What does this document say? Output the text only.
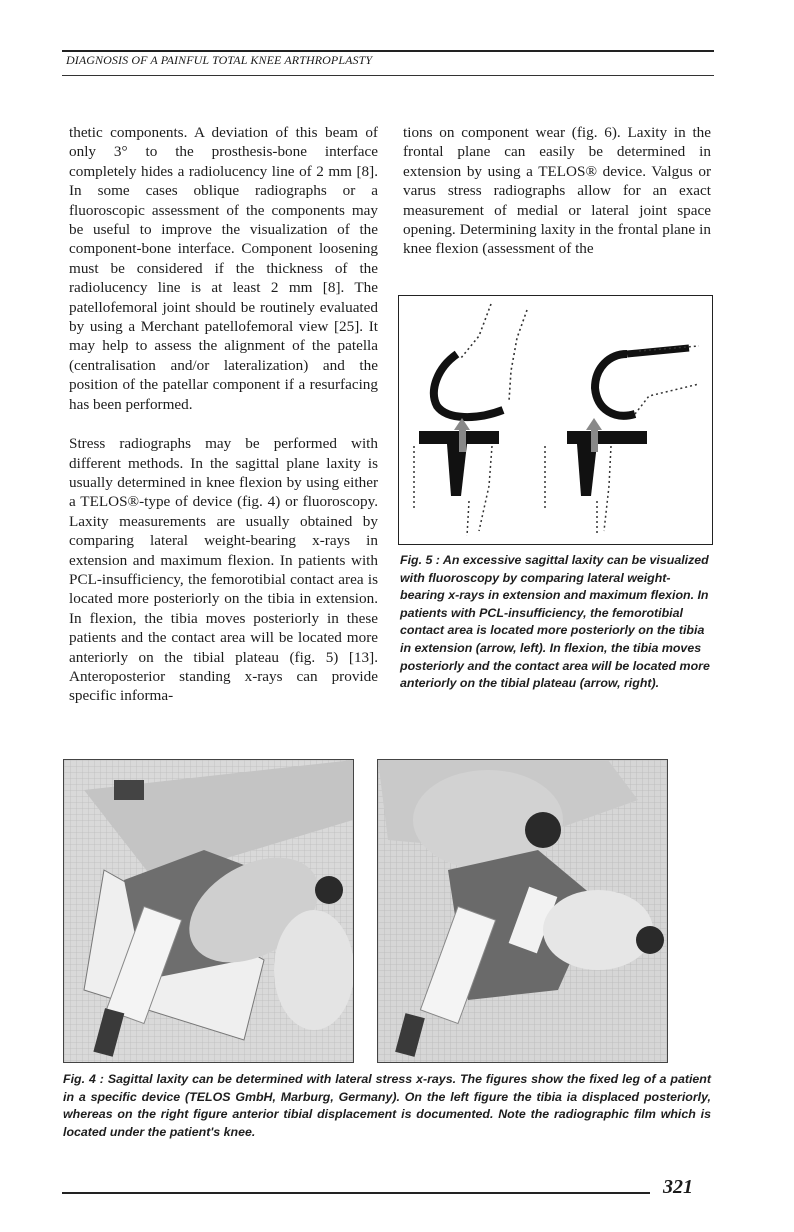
DIAGNOSIS OF A PAINFUL TOTAL KNEE ARTHROPLASTY

thetic components. A deviation of this beam of only 3° to the prosthesis-bone interface completely hides a radiolucency line of 2 mm [8]. In some cases oblique radiographs or a fluoroscopic assessment of the components may be useful to improve the visualization of the component-bone interface. Component loosening must be considered if the thickness of the radiolucency line is at least 2 mm [8]. The patellofemoral joint should be routinely evaluated by using a Merchant patellofemoral view [25]. It may help to assess the alignment of the patella (centralisation and/or lateralization) and the position of the patellar component if a resurfacing has been performed.

Stress radiographs may be performed with different methods. In the sagittal plane laxity is usually determined in knee flexion by using either a TELOS®-type of device (fig. 4) or fluoroscopy. Laxity measurements are usually obtained by comparing lateral weight-bearing x-rays in extension and maximum flexion. In patients with PCL-insufficiency, the femorotibial contact area is located more posteriorly on the tibia in extension. In flexion, the tibia moves posteriorly in these patients and the contact area will be located more anteriorly on the tibial plateau (fig. 5) [13]. Anteroposterior standing x-rays can provide specific informa-

tions on component wear (fig. 6). Laxity in the frontal plane can easily be determined in extension by using a TELOS® device. Valgus or varus stress radiographs allow for an exact measurement of medial or lateral joint space opening. Determining laxity in the frontal plane in knee flexion (assessment of the

Fig. 5 : An excessive sagittal laxity can be visualized with fluoroscopy by comparing lateral weight-bearing x-rays in extension and maximum flexion. In patients with PCL-insufficiency, the femorotibial contact area is located more posteriorly on the tibia in extension (arrow, left). In flexion, the tibia moves posteriorly and the contact area will be located more anteriorly on the tibial plateau (arrow, right).
Fig. 4 : Sagittal laxity can be determined with lateral stress x-rays. The figures show the fixed leg of a patient in a specific device (TELOS GmbH, Marburg, Germany). On the left figure the tibia ia displaced posteriorly, whereas on the right figure anterior tibial displacement is documented. Note the radiographic film which is located under the patient's knee.
321
